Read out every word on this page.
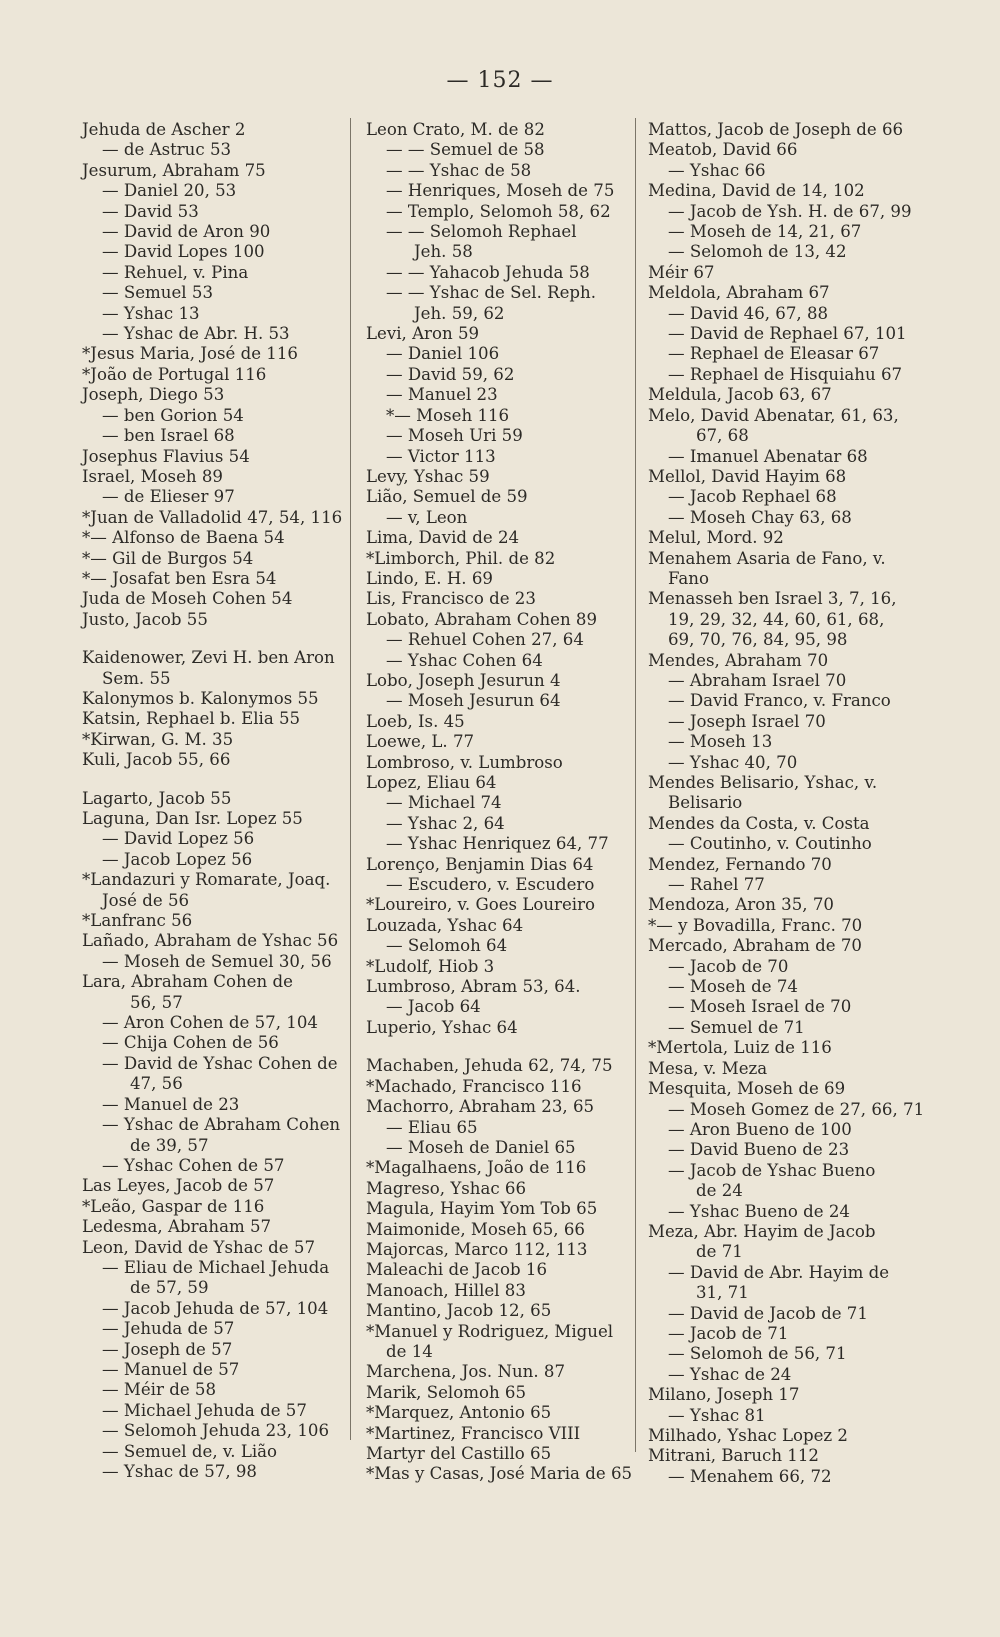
— 152 —
Jehuda de Ascher 2
— de Astruc 53
Jesurum, Abraham 75
— Daniel 20, 53
— David 53
— David de Aron 90
— David Lopes 100
— Rehuel, v. Pina
— Semuel 53
— Yshac 13
— Yshac de Abr. H. 53
*Jesus Maria, José de 116
*João de Portugal 116
Joseph, Diego 53
— ben Gorion 54
— ben Israel 68
Josephus Flavius 54
Israel, Moseh 89
— de Elieser 97
*Juan de Valladolid 47, 54, 116
*— Alfonso de Baena 54
*— Gil de Burgos 54
*— Josafat ben Esra 54
Juda de Moseh Cohen 54
Justo, Jacob 55
Kaidenower, Zevi H. ben Aron
Sem. 55
Kalonymos b. Kalonymos 55
Katsin, Rephael b. Elia 55
*Kirwan, G. M. 35
Kuli, Jacob 55, 66
Lagarto, Jacob 55
Laguna, Dan Isr. Lopez 55
— David Lopez 56
— Jacob Lopez 56
*Landazuri y Romarate, Joaq.
José de 56
*Lanfranc 56
Lañado, Abraham de Yshac 56
— Moseh de Semuel 30, 56
Lara, Abraham Cohen de
56, 57
— Aron Cohen de 57, 104
— Chija Cohen de 56
— David de Yshac Cohen de
47, 56
— Manuel de 23
— Yshac de Abraham Cohen
de 39, 57
— Yshac Cohen de 57
Las Leyes, Jacob de 57
*Leão, Gaspar de 116
Ledesma, Abraham 57
Leon, David de Yshac de 57
— Eliau de Michael Jehuda
de 57, 59
— Jacob Jehuda de 57, 104
— Jehuda de 57
— Joseph de 57
— Manuel de 57
— Méir de 58
— Michael Jehuda de 57
— Selomoh Jehuda 23, 106
— Semuel de, v. Lião
— Yshac de 57, 98
Leon Crato, M. de 82
— — Semuel de 58
— — Yshac de 58
— Henriques, Moseh de 75
— Templo, Selomoh 58, 62
— — Selomoh Rephael
Jeh. 58
— — Yahacob Jehuda 58
— — Yshac de Sel. Reph.
Jeh. 59, 62
Levi, Aron 59
— Daniel 106
— David 59, 62
— Manuel 23
*— Moseh 116
— Moseh Uri 59
— Victor 113
Levy, Yshac 59
Lião, Semuel de 59
— v, Leon
Lima, David de 24
*Limborch, Phil. de 82
Lindo, E. H. 69
Lis, Francisco de 23
Lobato, Abraham Cohen 89
— Rehuel Cohen 27, 64
— Yshac Cohen 64
Lobo, Joseph Jesurun 4
— Moseh Jesurun 64
Loeb, Is. 45
Loewe, L. 77
Lombroso, v. Lumbroso
Lopez, Eliau 64
— Michael 74
— Yshac 2, 64
— Yshac Henriquez 64, 77
Lorenço, Benjamin Dias 64
— Escudero, v. Escudero
*Loureiro, v. Goes Loureiro
Louzada, Yshac 64
— Selomoh 64
*Ludolf, Hiob 3
Lumbroso, Abram 53, 64.
— Jacob 64
Luperio, Yshac 64
Machaben, Jehuda 62, 74, 75
*Machado, Francisco 116
Machorro, Abraham 23, 65
— Eliau 65
— Moseh de Daniel 65
*Magalhaens, João de 116
Magreso, Yshac 66
Magula, Hayim Yom Tob 65
Maimonide, Moseh 65, 66
Majorcas, Marco 112, 113
Maleachi de Jacob 16
Manoach, Hillel 83
Mantino, Jacob 12, 65
*Manuel y Rodriguez, Miguel
de 14
Marchena, Jos. Nun. 87
Marik, Selomoh 65
*Marquez, Antonio 65
*Martinez, Francisco VIII
Martyr del Castillo 65
*Mas y Casas, José Maria de 65
Mattos, Jacob de Joseph de 66
Meatob, David 66
— Yshac 66
Medina, David de 14, 102
— Jacob de Ysh. H. de 67, 99
— Moseh de 14, 21, 67
— Selomoh de 13, 42
Méir 67
Meldola, Abraham 67
— David 46, 67, 88
— David de Rephael 67, 101
— Rephael de Eleasar 67
— Rephael de Hisquiahu 67
Meldula, Jacob 63, 67
Melo, David Abenatar, 61, 63,
67, 68
— Imanuel Abenatar 68
Mellol, David Hayim 68
— Jacob Rephael 68
— Moseh Chay 63, 68
Melul, Mord. 92
Menahem Asaria de Fano, v.
Fano
Menasseh ben Israel 3, 7, 16,
19, 29, 32, 44, 60, 61, 68,
69, 70, 76, 84, 95, 98
Mendes, Abraham 70
— Abraham Israel 70
— David Franco, v. Franco
— Joseph Israel 70
— Moseh 13
— Yshac 40, 70
Mendes Belisario, Yshac, v.
Belisario
Mendes da Costa, v. Costa
— Coutinho, v. Coutinho
Mendez, Fernando 70
— Rahel 77
Mendoza, Aron 35, 70
*— y Bovadilla, Franc. 70
Mercado, Abraham de 70
— Jacob de 70
— Moseh de 74
— Moseh Israel de 70
— Semuel de 71
*Mertola, Luiz de 116
Mesa, v. Meza
Mesquita, Moseh de 69
— Moseh Gomez de 27, 66, 71
— Aron Bueno de 100
— David Bueno de 23
— Jacob de Yshac Bueno
de 24
— Yshac Bueno de 24
Meza, Abr. Hayim de Jacob
de 71
— David de Abr. Hayim de
31, 71
— David de Jacob de 71
— Jacob de 71
— Selomoh de 56, 71
— Yshac de 24
Milano, Joseph 17
— Yshac 81
Milhado, Yshac Lopez 2
Mitrani, Baruch 112
— Menahem 66, 72
